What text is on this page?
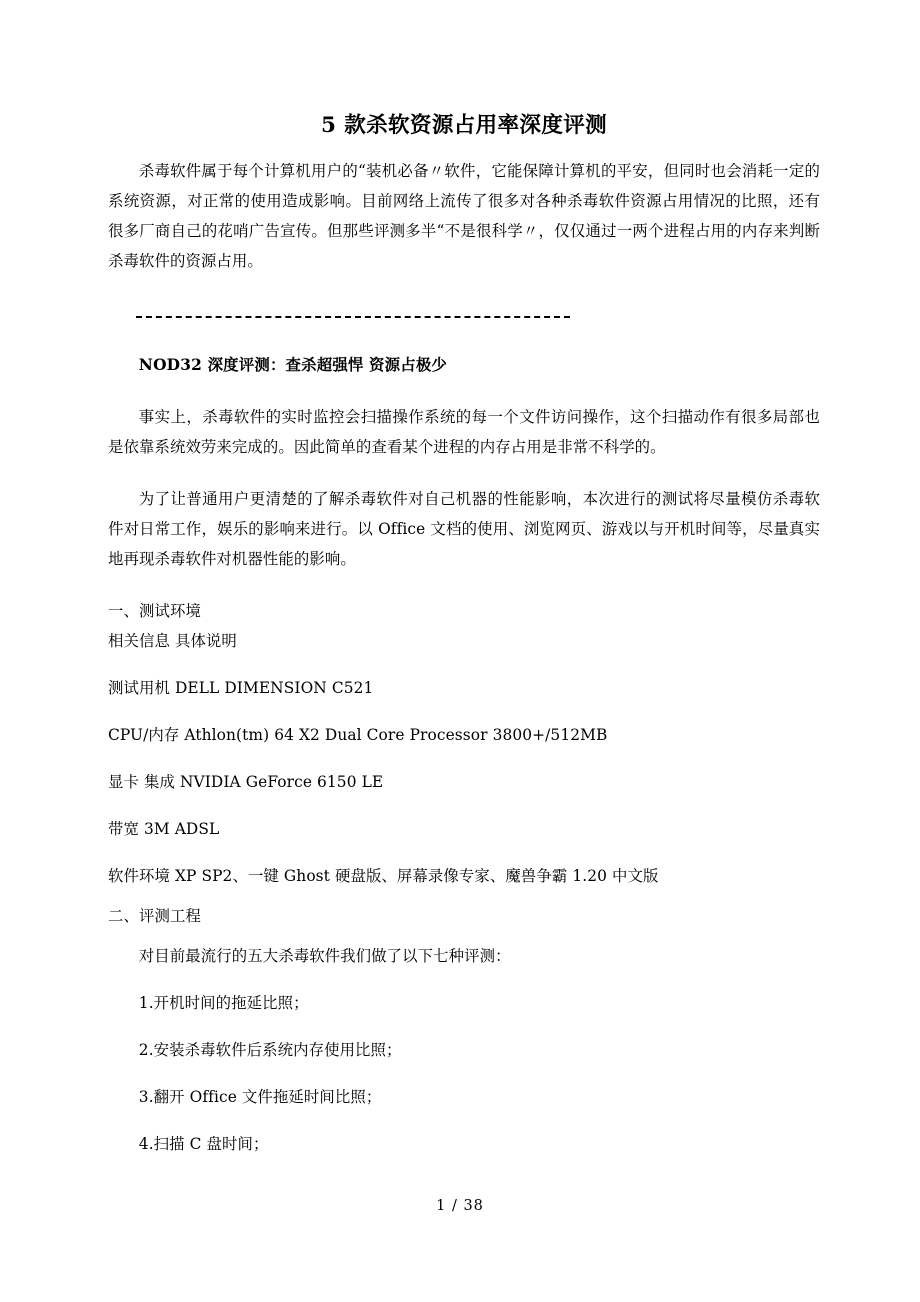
5 款杀软资源占用率深度评测

杀毒软件属于每个计算机用户的“装机必备〃软件，它能保障计算机的平安，但同时也会消耗一定的系统资源，对正常的使用造成影响。目前网络上流传了很多对各种杀毒软件资源占用情况的比照，还有很多厂商自己的花哨广告宣传。但那些评测多半“不是很科学〃，仅仅通过一两个进程占用的内存来判断杀毒软件的资源占用。

NOD32 深度评测：查杀超强悍 资源占极少

事实上，杀毒软件的实时监控会扫描操作系统的每一个文件访问操作，这个扫描动作有很多局部也是依靠系统效劳来完成的。因此简单的查看某个进程的内存占用是非常不科学的。

为了让普通用户更清楚的了解杀毒软件对自己机器的性能影响，本次进行的测试将尽量模仿杀毒软件对日常工作，娱乐的影响来进行。以 Office 文档的使用、浏览网页、游戏以与开机时间等，尽量真实地再现杀毒软件对机器性能的影响。

一、测试环境

相关信息 具体说明

测试用机 DELL DIMENSION C521

CPU/内存 Athlon(tm) 64 X2 Dual Core Processor 3800+/512MB

显卡 集成 NVIDIA GeForce 6150 LE

带宽 3M ADSL

软件环境 XP SP2、一键 Ghost 硬盘版、屏幕录像专家、魔兽争霸 1.20 中文版

二、评测工程

对目前最流行的五大杀毒软件我们做了以下七种评测：

1.开机时间的拖延比照；

2.安装杀毒软件后系统内存使用比照；

3.翻开 Office 文件拖延时间比照；

4.扫描 C 盘时间；

1 / 38
